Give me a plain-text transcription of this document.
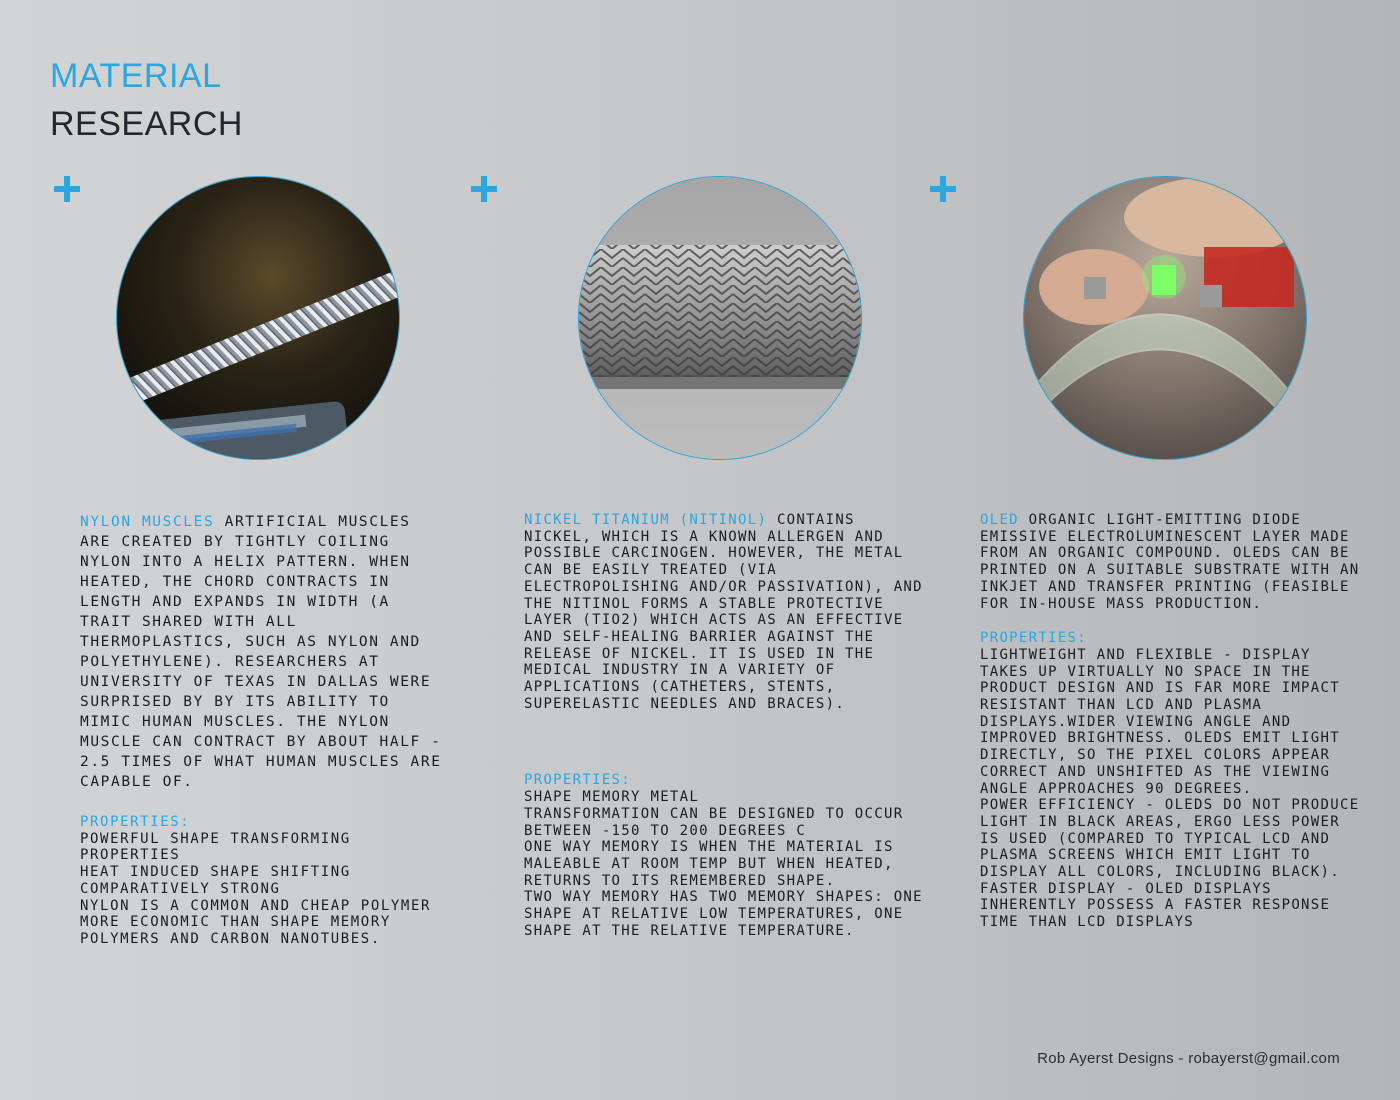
MATERIAL
RESEARCH

NYLON MUSCLES ARTIFICIAL MUSCLES ARE CREATED BY TIGHTLY COILING NYLON INTO A HELIX PATTERN. WHEN HEATED, THE CHORD CONTRACTS IN LENGTH AND EXPANDS IN WIDTH (A TRAIT SHARED WITH ALL THERMOPLASTICS, SUCH AS NYLON AND POLYETHYLENE). RESEARCHERS AT UNIVERSITY OF TEXAS IN DALLAS WERE SURPRISED BY BY ITS ABILITY TO MIMIC HUMAN MUSCLES. THE NYLON MUSCLE CAN CONTRACT BY ABOUT HALF - 2.5 TIMES OF WHAT HUMAN MUSCLES ARE CAPABLE OF.

PROPERTIES:
POWERFUL SHAPE TRANSFORMING PROPERTIES
HEAT INDUCED SHAPE SHIFTING
COMPARATIVELY STRONG
NYLON IS A COMMON AND CHEAP POLYMER MORE ECONOMIC THAN SHAPE MEMORY POLYMERS AND CARBON NANOTUBES.

NICKEL TITANIUM (NITINOL) CONTAINS NICKEL, WHICH IS A KNOWN ALLERGEN AND POSSIBLE CARCINOGEN. HOWEVER, THE METAL CAN BE EASILY TREATED (VIA ELECTROPOLISHING AND/OR PASSIVATION), AND THE NITINOL FORMS A STABLE PROTECTIVE LAYER (TIO2) WHICH ACTS AS AN EFFECTIVE AND SELF-HEALING BARRIER AGAINST THE RELEASE OF NICKEL. IT IS USED IN THE MEDICAL INDUSTRY IN A VARIETY OF APPLICATIONS (CATHETERS, STENTS, SUPERELASTIC NEEDLES AND BRACES).

PROPERTIES:
SHAPE MEMORY METAL
TRANSFORMATION CAN BE DESIGNED TO OCCUR BETWEEN -150 TO 200 DEGREES C
ONE WAY MEMORY IS WHEN THE MATERIAL IS MALEABLE AT ROOM TEMP BUT WHEN HEATED, RETURNS TO ITS REMEMBERED SHAPE.
TWO WAY MEMORY HAS TWO MEMORY SHAPES: ONE SHAPE AT RELATIVE LOW TEMPERATURES, ONE SHAPE AT THE RELATIVE TEMPERATURE.

OLED ORGANIC LIGHT-EMITTING DIODE EMISSIVE ELECTROLUMINESCENT LAYER MADE FROM AN ORGANIC COMPOUND. OLEDS CAN BE PRINTED ON A SUITABLE SUBSTRATE WITH AN INKJET AND TRANSFER PRINTING (FEASIBLE FOR IN-HOUSE MASS PRODUCTION.

PROPERTIES:
LIGHTWEIGHT AND FLEXIBLE - DISPLAY TAKES UP VIRTUALLY NO SPACE IN THE PRODUCT DESIGN AND IS FAR MORE IMPACT RESISTANT THAN LCD AND PLASMA DISPLAYS.WIDER VIEWING ANGLE AND IMPROVED BRIGHTNESS. OLEDS EMIT LIGHT DIRECTLY, SO THE PIXEL COLORS APPEAR CORRECT AND UNSHIFTED AS THE VIEWING ANGLE APPROACHES 90 DEGREES.
POWER EFFICIENCY - OLEDS DO NOT PRODUCE LIGHT IN BLACK AREAS, ERGO LESS POWER IS USED (COMPARED TO TYPICAL LCD AND PLASMA SCREENS WHICH EMIT LIGHT TO DISPLAY ALL COLORS, INCLUDING BLACK).
FASTER DISPLAY - OLED DISPLAYS INHERENTLY POSSESS A FASTER RESPONSE TIME THAN LCD DISPLAYS
Rob Ayerst Designs - robayerst@gmail.com
